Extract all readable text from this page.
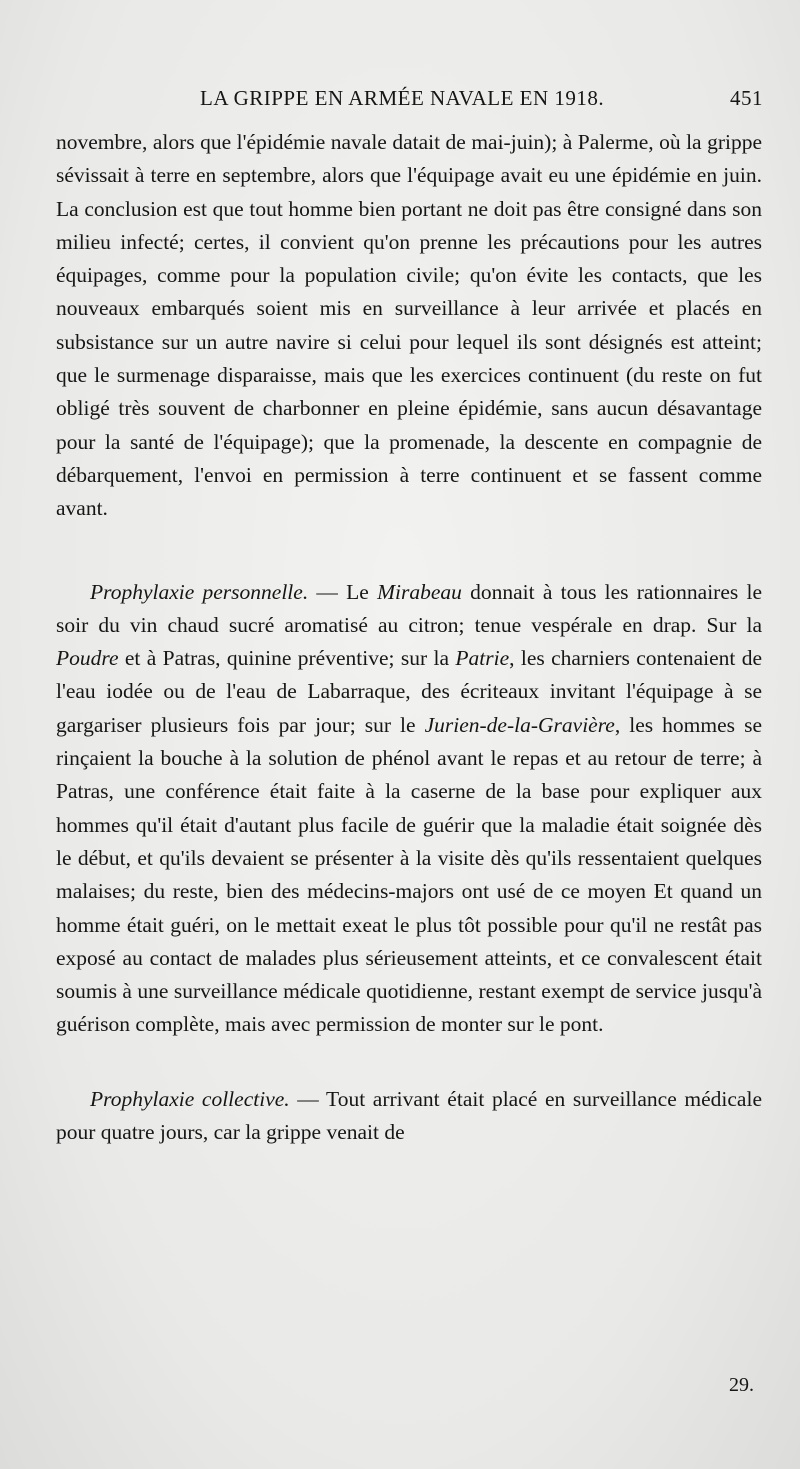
LA GRIPPE EN ARMÉE NAVALE EN 1918.	451

novembre, alors que l'épidémie navale datait de mai-juin); à Palerme, où la grippe sévissait à terre en septembre, alors que l'équipage avait eu une épidémie en juin. La conclusion est que tout homme bien portant ne doit pas être consigné dans son milieu infecté; certes, il convient qu'on prenne les précautions pour les autres équipages, comme pour la population civile; qu'on évite les contacts, que les nouveaux embarqués soient mis en surveillance à leur arrivée et placés en subsistance sur un autre navire si celui pour lequel ils sont désignés est atteint; que le surmenage disparaisse, mais que les exercices continuent (du reste on fut obligé très souvent de charbonner en pleine épidémie, sans aucun désavantage pour la santé de l'équipage); que la promenade, la descente en compagnie de débarquement, l'envoi en permission à terre continuent et se fassent comme avant.

Prophylaxie personnelle. — Le Mirabeau donnait à tous les rationnaires le soir du vin chaud sucré aromatisé au citron; tenue vespérale en drap. Sur la Poudre et à Patras, quinine préventive; sur la Patrie, les charniers contenaient de l'eau iodée ou de l'eau de Labarraque, des écriteaux invitant l'équipage à se gargariser plusieurs fois par jour; sur le Jurien-de-la-Gravière, les hommes se rinçaient la bouche à la solution de phénol avant le repas et au retour de terre; à Patras, une conférence était faite à la caserne de la base pour expliquer aux hommes qu'il était d'autant plus facile de guérir que la maladie était soignée dès le début, et qu'ils devaient se présenter à la visite dès qu'ils ressentaient quelques malaises; du reste, bien des médecins-majors ont usé de ce moyen Et quand un homme était guéri, on le mettait exeat le plus tôt possible pour qu'il ne restât pas exposé au contact de malades plus sérieusement atteints, et ce convalescent était soumis à une surveillance médicale quotidienne, restant exempt de service jusqu'à guérison complète, mais avec permission de monter sur le pont.

Prophylaxie collective. — Tout arrivant était placé en surveillance médicale pour quatre jours, car la grippe venait de

29.
